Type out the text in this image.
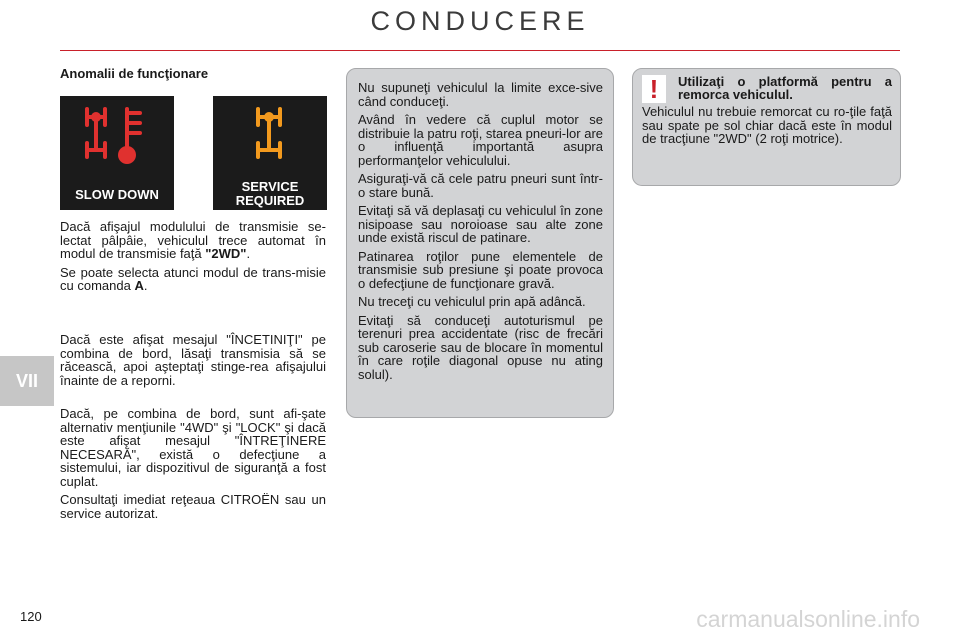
CONDUCERE
VII
Anomalii de funcţionare
SLOW DOWN
SERVICE
REQUIRED

Dacă afişajul modulului de transmisie se-lectat pâlpâie, vehiculul trece automat în modul de transmisie faţă "2WD".

Se poate selecta atunci modul de trans-misie cu comanda A.

Dacă este afişat mesajul "ÎNCETINIŢI" pe combina de bord, lăsaţi transmisia să se răcească, apoi aşteptaţi stinge-rea afişajului înainte de a reporni.

Dacă, pe combina de bord, sunt afi-şate alternativ menţiunile "4WD" şi "LOCK" şi dacă este afişat mesajul "ÎNTREŢINERE NECESARĂ", există o defecţiune a sistemului, iar dispozitivul de siguranţă a fost cuplat.

Consultaţi imediat reţeaua CITROËN sau un service autorizat.

Nu supuneţi vehiculul la limite exce-sive când conduceţi.

Având în vedere că cuplul motor se distribuie la patru roţi, starea pneuri-lor are o influenţă importantă asupra performanţelor vehiculului.

Asiguraţi-vă că cele patru pneuri sunt într-o stare bună.

Evitaţi să vă deplasaţi cu vehiculul în zone nisipoase sau noroioase sau alte zone unde există riscul de patinare.

Patinarea roţilor pune elementele de transmisie sub presiune şi poate provoca o defecţiune de funcţionare gravă.

Nu treceţi cu vehiculul prin apă adâncă.

Evitaţi să conduceţi autoturismul pe terenuri prea accidentate (risc de frecări sub caroserie sau de blocare în momentul în care roţile diagonal opuse nu ating solul).

!	Utilizaţi o platformă pentru a remorca vehiculul.
Vehiculul nu trebuie remorcat cu ro-ţile faţă sau spate pe sol chiar dacă este în modul de tracţiune "2WD" (2 roţi motrice).
120	carmanualsonline.info
